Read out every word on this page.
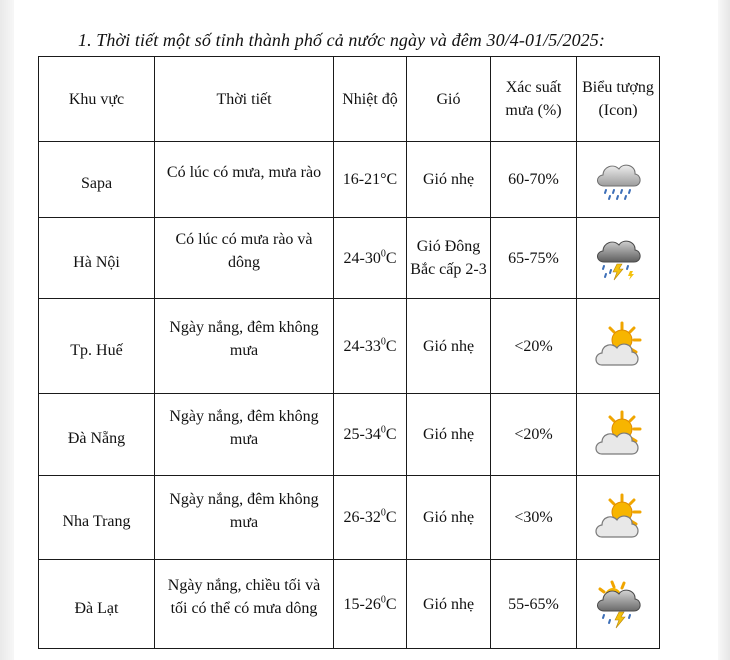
1. Thời tiết một số tỉnh thành phố cả nước ngày và đêm 30/4-01/5/2025:
Khu vực	Thời tiết	Nhiệt độ	Gió	Xác suất mưa (%)	Biểu tượng (Icon)
Sapa	Có lúc có mưa, mưa rào	16-21°C	Gió nhẹ	60-70%	

Hà Nội	Có lúc có mưa rào và dông	$24-30^0C$	Gió Đông Bắc cấp 2-3	65-75%	

Tp. Huế	Ngày nắng, đêm không mưa	$24-33^0C$	Gió nhẹ	<20%	

Đà Nẵng	Ngày nắng, đêm không mưa	$25-34^0C$	Gió nhẹ	<20%	

Nha Trang	Ngày nắng, đêm không mưa	$26-32^0C$	Gió nhẹ	<30%	

Đà Lạt	Ngày nắng, chiều tối và tối có thể có mưa dông	$15-26^0C$	Gió nhẹ	55-65%	
